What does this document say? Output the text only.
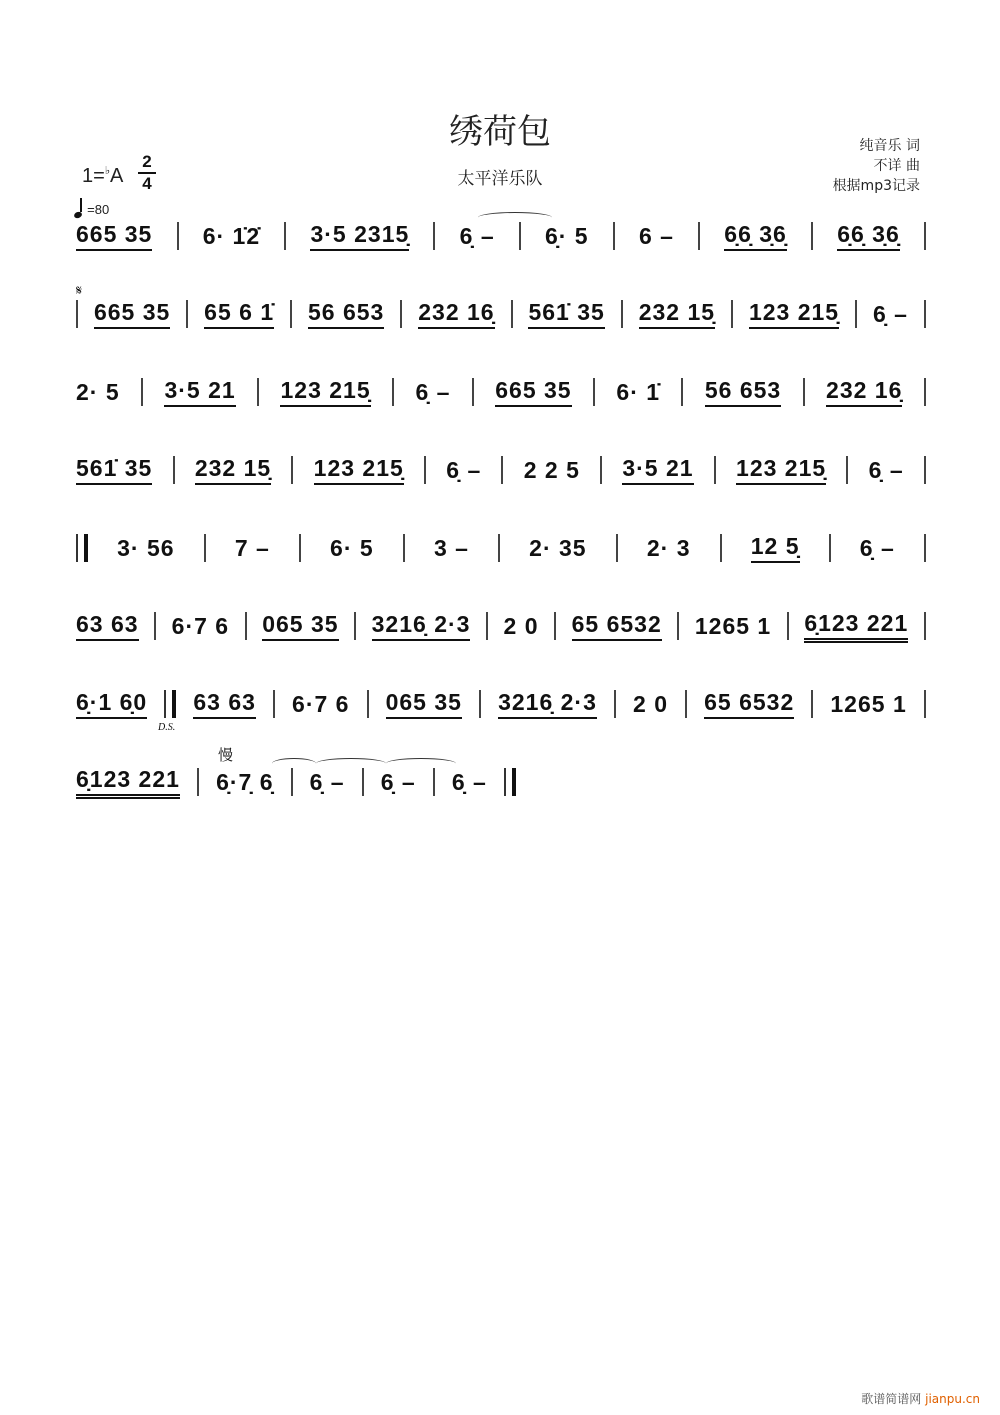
绣荷包
太平洋乐队
纯音乐 词
不详 曲
根据mp3记录
1=♭A
2
4
=80
665 35 6· 1̇2̇ 3·5 2315̣ 6̣ – 6̣· 5 6 – 6̣6̣ 3̣6̣ 6̣6̣ 3̣6̣
𝄋
665 35 65 6 1̇ 56 653 232 16̣ 561̇ 35 232 15̣ 123 215̣ 6̣ –
2· 5 3·5 21 123 215̣ 6̣ – 665 35 6· 1̇ 56 653 232 16̣
561̇ 35 232 15̣ 123 215̣ 6̣ – 2 2 5 3·5 21 123 215̣ 6̣ –
3· 56	7 –	6· 5	3 –	2· 35	2· 3	12 5̣	6̣ –
63 63 6·7 6 065 35 3216̣ 2·3 2 0 65 6532 1265 1 6̣123 221
6̣·1 6̣0 63 63 6·7 6 065 35 3216̣ 2·3 2 0 65 6532 1265 1
D.S.
慢
6̣123 221 6̣·7̣ 6̣ 6̣ – 6̣ – 6̣ –
歌谱简谱网 jianpu.cn
